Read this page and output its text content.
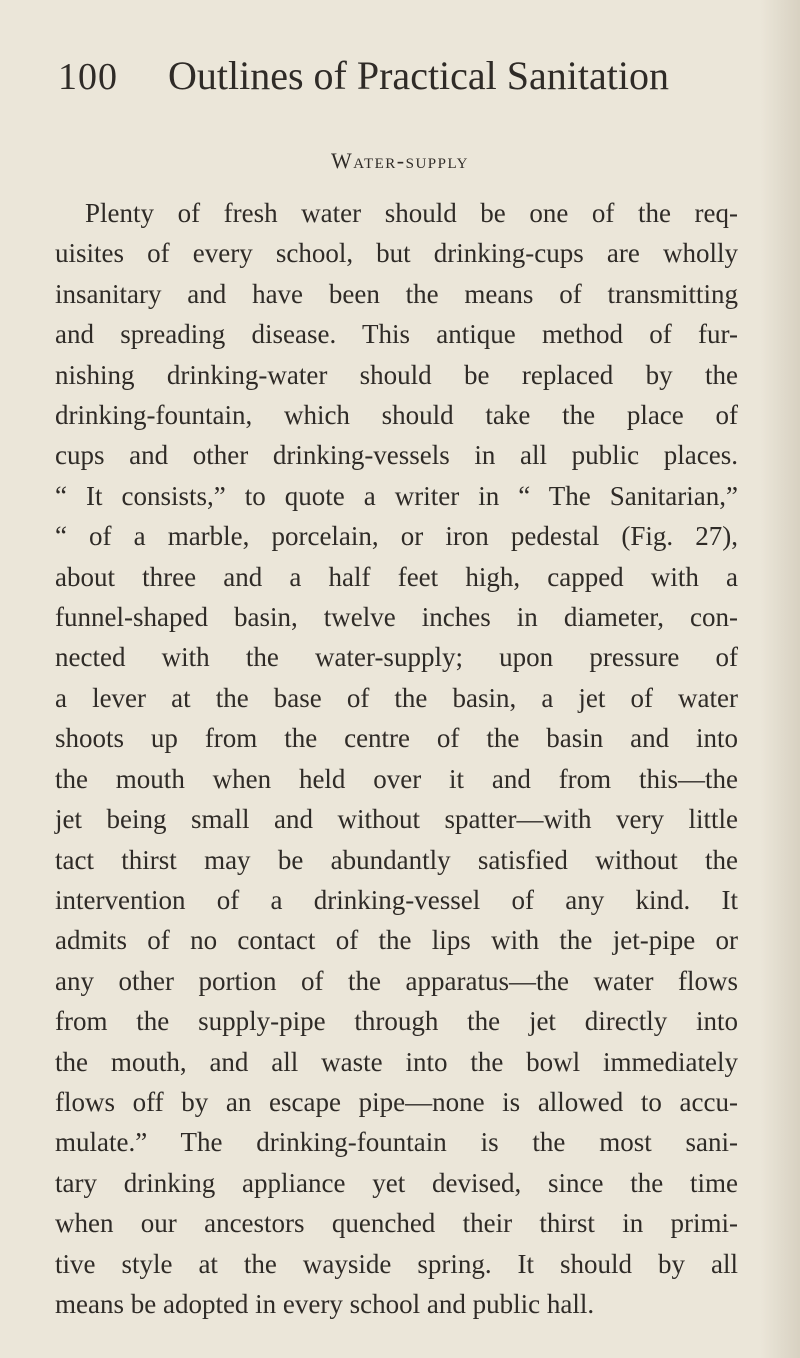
100	Outlines of Practical Sanitation
Water-supply

Plenty of fresh water should be one of the req-
uisites of every school, but drinking-cups are wholly
insanitary and have been the means of transmitting
and spreading disease. This antique method of fur-
nishing drinking-water should be replaced by the
drinking-fountain, which should take the place of
cups and other drinking-vessels in all public places.
“ It consists,” to quote a writer in “ The Sanitarian,”
“ of a marble, porcelain, or iron pedestal (Fig. 27),
about three and a half feet high, capped with a
funnel-shaped basin, twelve inches in diameter, con-
nected with the water-supply; upon pressure of
a lever at the base of the basin, a jet of water
shoots up from the centre of the basin and into
the mouth when held over it and from this—the
jet being small and without spatter—with very little
tact thirst may be abundantly satisfied without the
intervention of a drinking-vessel of any kind. It
admits of no contact of the lips with the jet-pipe or
any other portion of the apparatus—the water flows
from the supply-pipe through the jet directly into
the mouth, and all waste into the bowl immediately
flows off by an escape pipe—none is allowed to accu-
mulate.” The drinking-fountain is the most sani-
tary drinking appliance yet devised, since the time
when our ancestors quenched their thirst in primi-
tive style at the wayside spring. It should by all
means be adopted in every school and public hall.
